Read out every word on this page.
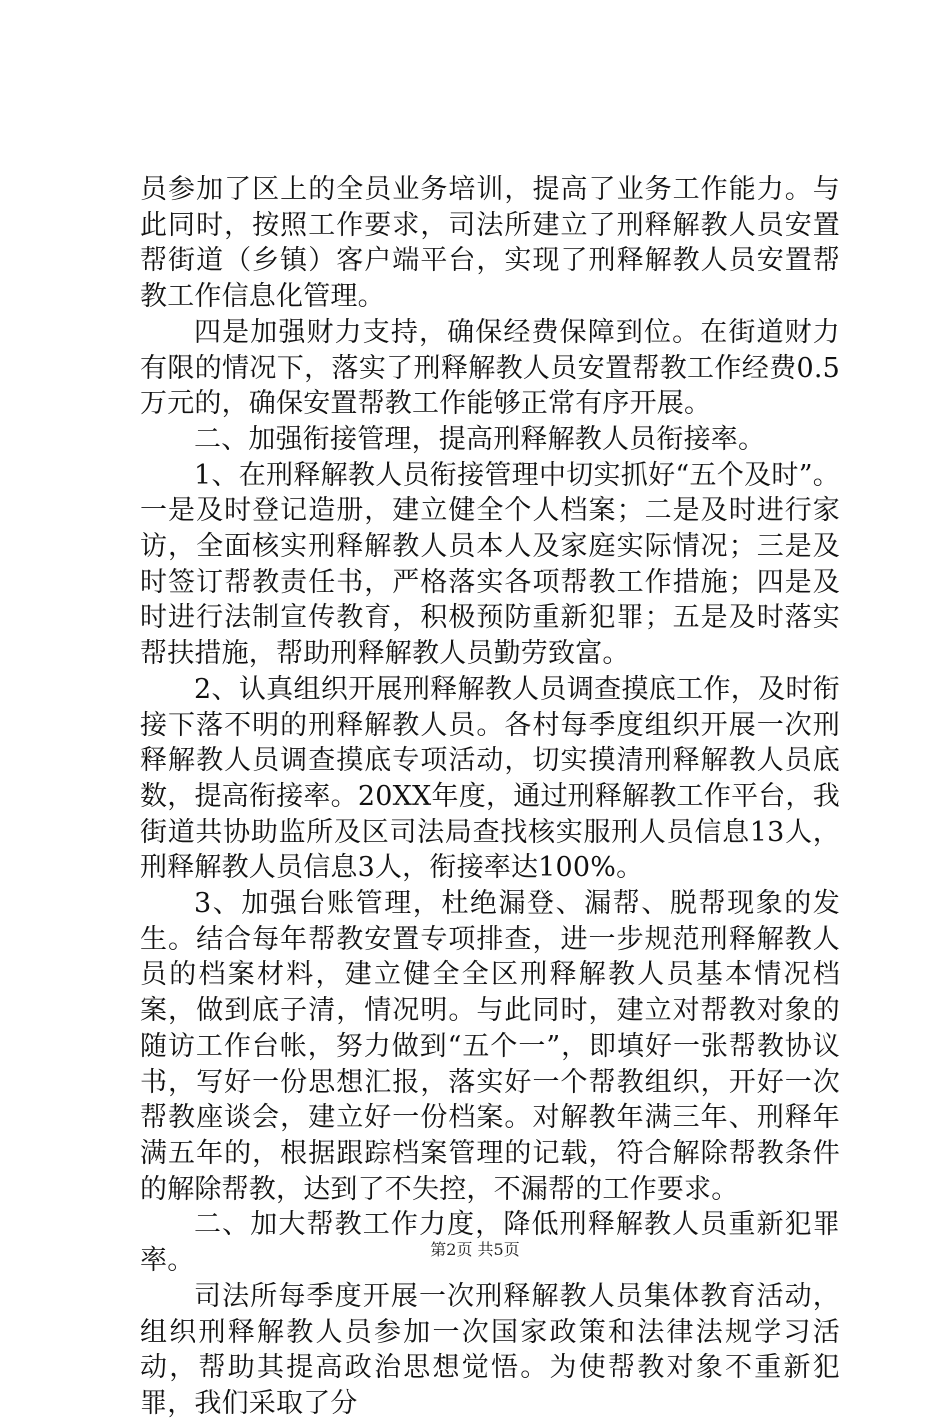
员参加了区上的全员业务培训，提高了业务工作能力。与此同时，按照工作要求，司法所建立了刑释解教人员安置帮街道（乡镇）客户端平台，实现了刑释解教人员安置帮教工作信息化管理。

四是加强财力支持，确保经费保障到位。在街道财力有限的情况下，落实了刑释解教人员安置帮教工作经费0.5万元的，确保安置帮教工作能够正常有序开展。

二、加强衔接管理，提高刑释解教人员衔接率。

1、在刑释解教人员衔接管理中切实抓好“五个及时”。一是及时登记造册，建立健全个人档案；二是及时进行家访，全面核实刑释解教人员本人及家庭实际情况；三是及时签订帮教责任书，严格落实各项帮教工作措施；四是及时进行法制宣传教育，积极预防重新犯罪；五是及时落实帮扶措施，帮助刑释解教人员勤劳致富。

2、认真组织开展刑释解教人员调查摸底工作，及时衔接下落不明的刑释解教人员。各村每季度组织开展一次刑释解教人员调查摸底专项活动，切实摸清刑释解教人员底数，提高衔接率。20XX年度，通过刑释解教工作平台，我街道共协助监所及区司法局查找核实服刑人员信息13人，刑释解教人员信息3人，衔接率达100%。

3、加强台账管理，杜绝漏登、漏帮、脱帮现象的发生。结合每年帮教安置专项排查，进一步规范刑释解教人员的档案材料，建立健全全区刑释解教人员基本情况档案，做到底子清，情况明。与此同时，建立对帮教对象的随访工作台帐，努力做到“五个一”，即填好一张帮教协议书，写好一份思想汇报，落实好一个帮教组织，开好一次帮教座谈会，建立好一份档案。对解教年满三年、刑释年满五年的，根据跟踪档案管理的记载，符合解除帮教条件的解除帮教，达到了不失控，不漏帮的工作要求。

二、加大帮教工作力度，降低刑释解教人员重新犯罪率。

司法所每季度开展一次刑释解教人员集体教育活动，组织刑释解教人员参加一次国家政策和法律法规学习活动，帮助其提高政治思想觉悟。为使帮教对象不重新犯罪，我们采取了分

第2页 共5页
